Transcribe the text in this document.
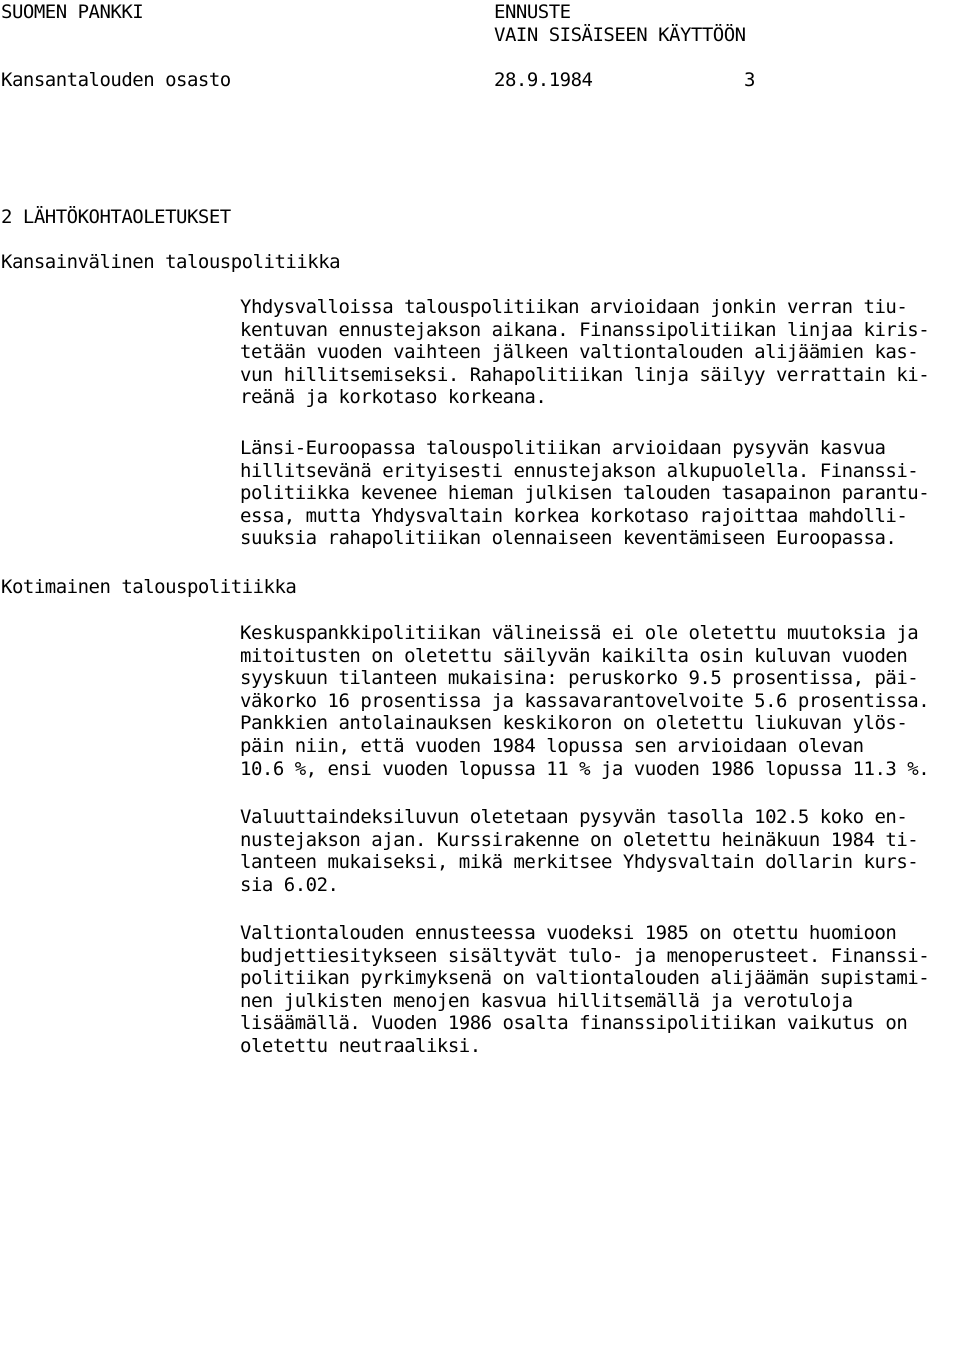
SUOMEN PANKKI	ENNUSTE
VAIN SISÄISEEN KÄYTTÖÖN
Kansantalouden osasto	28.9.1984	3
2 LÄHTÖKOHTAOLETUKSET
Kansainvälinen talouspolitiikka
Yhdysvalloissa talouspolitiikan arvioidaan jonkin verran tiu-
kentuvan ennustejakson aikana. Finanssipolitiikan linjaa kiris-
tetään vuoden vaihteen jälkeen valtiontalouden alijäämien kas-
vun hillitsemiseksi. Rahapolitiikan linja säilyy verrattain ki-
reänä ja korkotaso korkeana.
Länsi-Euroopassa talouspolitiikan arvioidaan pysyvän kasvua
hillitsevänä erityisesti ennustejakson alkupuolella. Finanssi-
politiikka kevenee hieman julkisen talouden tasapainon parantu-
essa, mutta Yhdysvaltain korkea korkotaso rajoittaa mahdolli-
suuksia rahapolitiikan olennaiseen keventämiseen Euroopassa.
Kotimainen talouspolitiikka
Keskuspankkipolitiikan välineissä ei ole oletettu muutoksia ja
mitoitusten on oletettu säilyvän kaikilta osin kuluvan vuoden
syyskuun tilanteen mukaisina: peruskorko 9.5 prosentissa, päi-
väkorko 16 prosentissa ja kassavarantovelvoite 5.6 prosentissa.
Pankkien antolainauksen keskikoron on oletettu liukuvan ylös-
päin niin, että vuoden 1984 lopussa sen arvioidaan olevan
10.6 %, ensi vuoden lopussa 11 % ja vuoden 1986 lopussa 11.3 %.
Valuuttaindeksiluvun oletetaan pysyvän tasolla 102.5 koko en-
nustejakson ajan. Kurssirakenne on oletettu heinäkuun 1984 ti-
lanteen mukaiseksi, mikä merkitsee Yhdysvaltain dollarin kurs-
sia 6.02.
Valtiontalouden ennusteessa vuodeksi 1985 on otettu huomioon
budjettiesitykseen sisältyvät tulo- ja menoperusteet. Finanssi-
politiikan pyrkimyksenä on valtiontalouden alijäämän supistami-
nen julkisten menojen kasvua hillitsemällä ja verotuloja
lisäämällä. Vuoden 1986 osalta finanssipolitiikan vaikutus on
oletettu neutraaliksi.
